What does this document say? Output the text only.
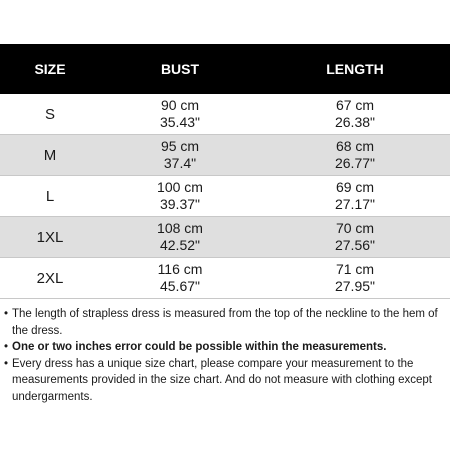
SIZE	BUST	LENGTH
S
90 cm
35.43"
67 cm
26.38"
M
95 cm
37.4"
68 cm
26.77"
L
100 cm
39.37"
69 cm
27.17"
1XL
108 cm
42.52"
70 cm
27.56"
2XL
116 cm
45.67"
71 cm
27.95"
• The length of strapless dress is measured from the top of the neckline to the hem of the dress.
• One or two inches error could be possible within the measurements.
• Every dress has a unique size chart, please compare your measurement to the measurements provided in the size chart. And do not measure with clothing except undergarments.
